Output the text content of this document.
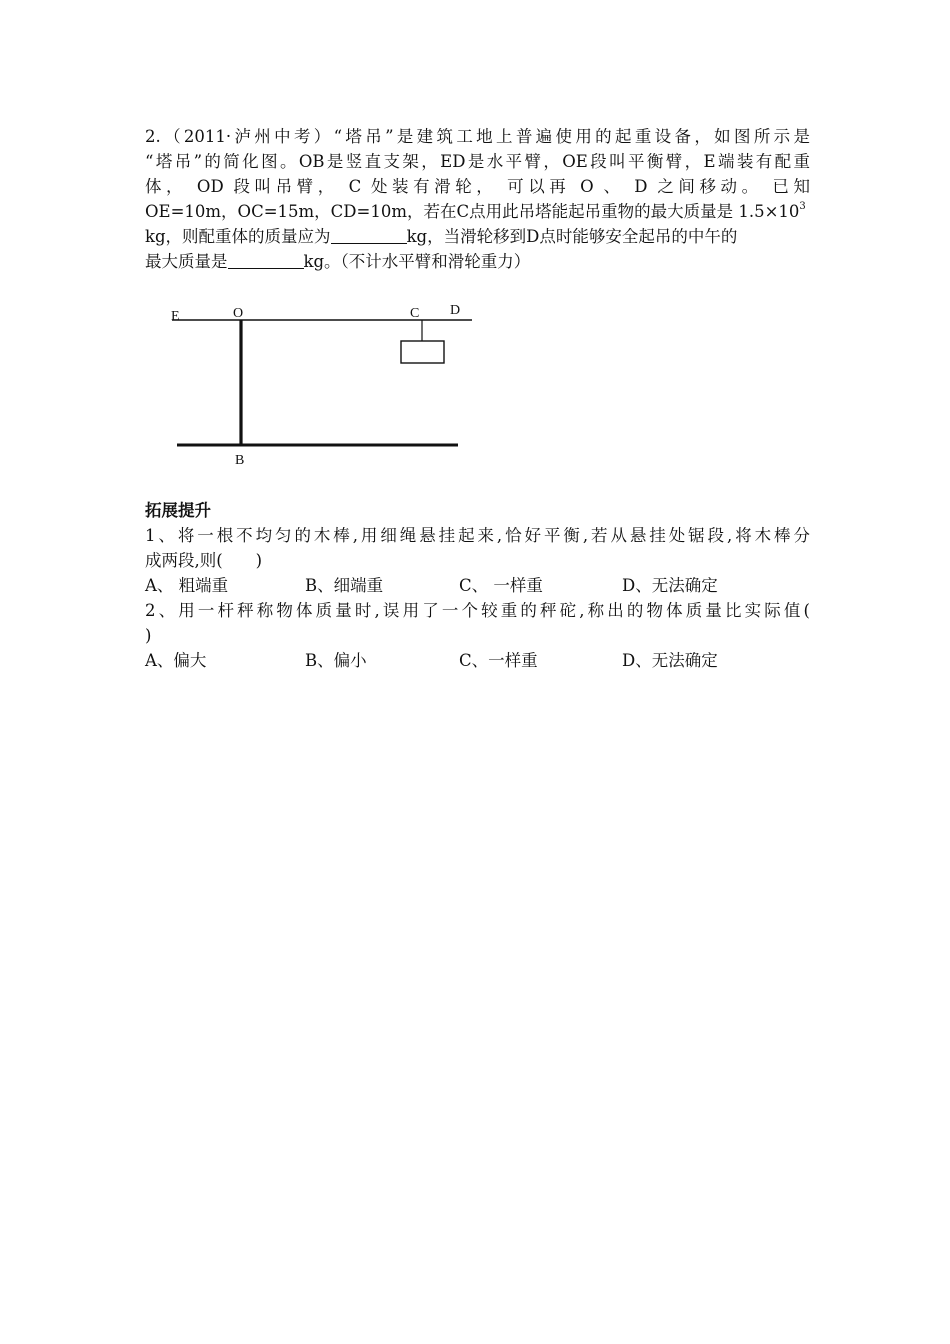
2.（2011·泸州中考）“塔吊”是建筑工地上普遍使用的起重设备，如图所示是
“塔吊”的简化图。OB是竖直支架，ED是水平臂，OE段叫平衡臂，E端装有配重
体， OD 段叫吊臂， C 处装有滑轮， 可以再 O 、 D 之间移动。 已知
OE=10m，OC=15m，CD=10m，若在C点用此吊塔能起吊重物的最大质量是 $1.5\times 10^3$
kg，则配重体的质量应为	kg，当滑轮移到D点时能够安全起吊的中午的
最大质量是	kg。（不计水平臂和滑轮重力）
E	O	C D
B
拓展提升
1、将一根不均匀的木棒,用细绳悬挂起来,恰好平衡,若从悬挂处锯段,将木棒分
成两段,则(　　)
A、 粗端重	B、细端重	C、 一样重	D、无法确定
2、用一杆秤称物体质量时,误用了一个较重的秤砣,称出的物体质量比实际值(
)
A、偏大	B、偏小	C、一样重	D、无法确定
